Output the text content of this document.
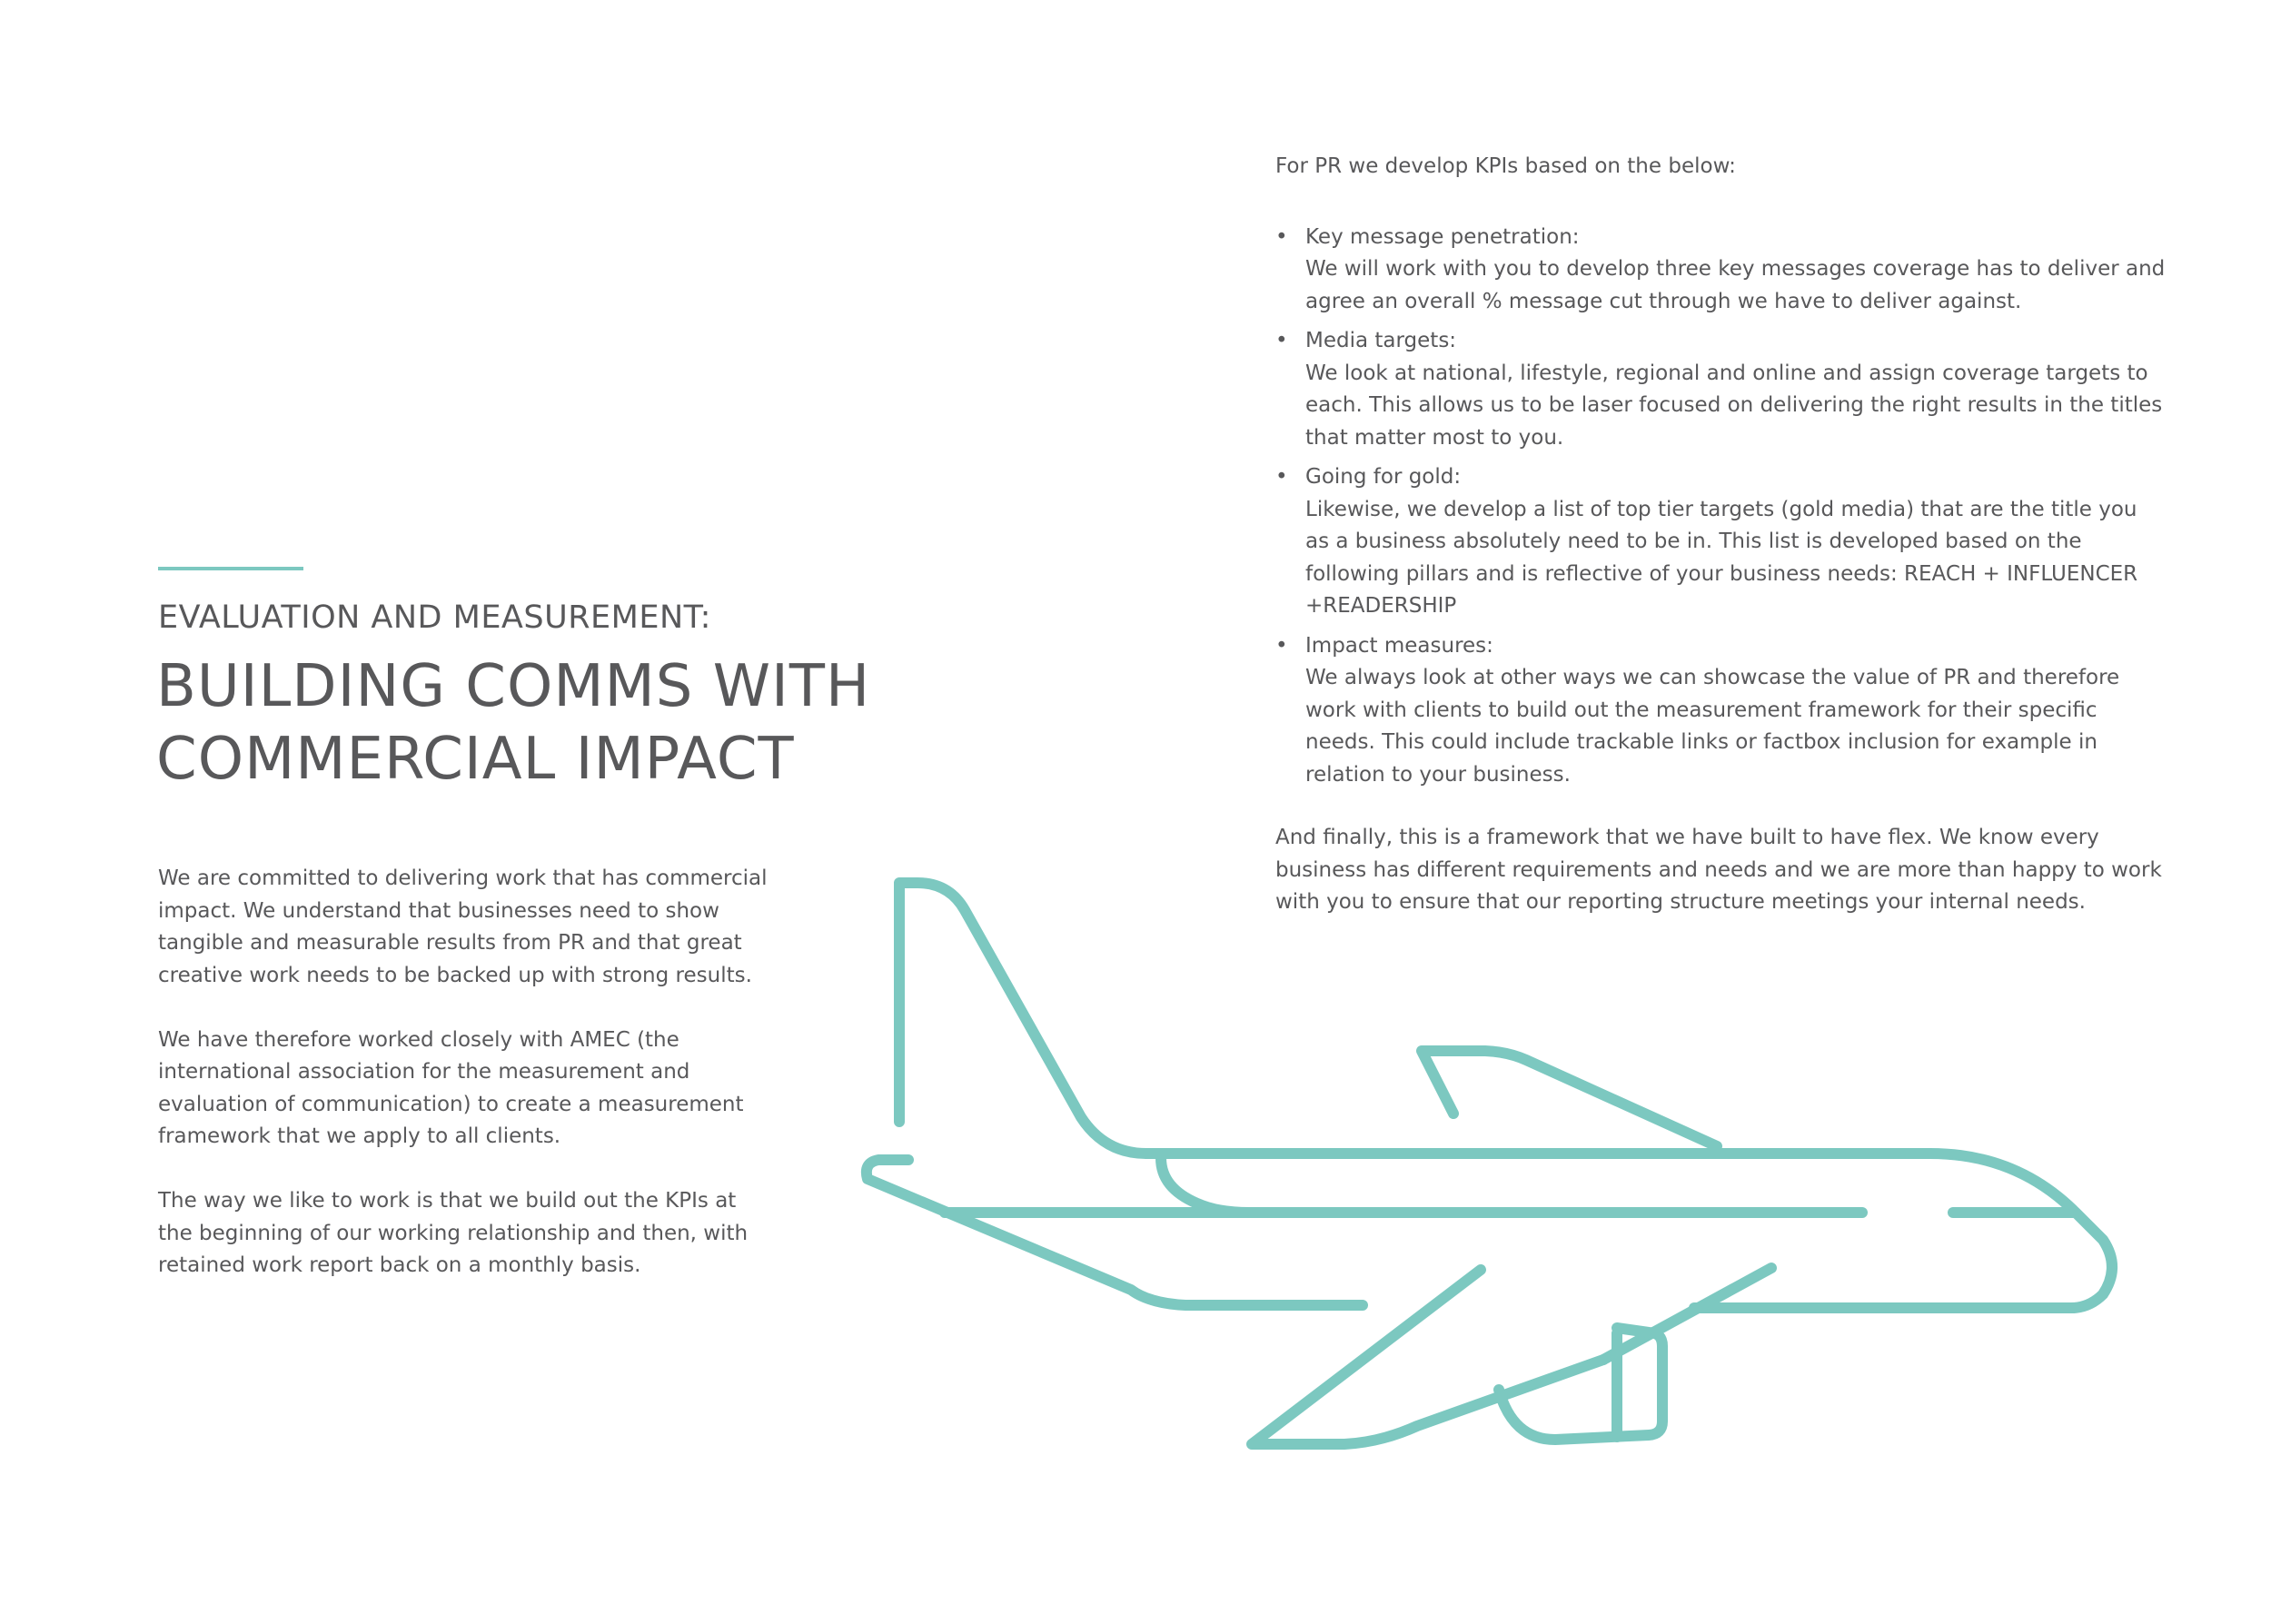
EVALUATION AND MEASUREMENT:
BUILDING COMMS WITH
COMMERCIAL IMPACT

We are committed to delivering work that has commercial impact. We understand that businesses need to show tangible and measurable results from PR and that great creative work needs to be backed up with strong results.

We have therefore worked closely with AMEC (the international association for the measurement and evaluation of communication) to create a measurement framework that we apply to all clients.

The way we like to work is that we build out the KPIs at the beginning of our working relationship and then, with retained work report back on a monthly basis.

For PR we develop KPIs based on the below:

• Key message penetration:
We will work with you to develop three key messages coverage has to deliver and agree an overall % message cut through we have to deliver against.
• Media targets:
We look at national, lifestyle, regional and online and assign coverage targets to each. This allows us to be laser focused on delivering the right results in the titles that matter most to you.
• Going for gold:
Likewise, we develop a list of top tier targets (gold media) that are the title you as a business absolutely need to be in. This list is developed based on the following pillars and is reflective of your business needs: REACH + INFLUENCER +READERSHIP
• Impact measures:
We always look at other ways we can showcase the value of PR and therefore work with clients to build out the measurement framework for their specific needs. This could include trackable links or factbox inclusion for example in relation to your business.

And finally, this is a framework that we have built to have flex. We know every business has different requirements and needs and we are more than happy to work with you to ensure that our reporting structure meetings your internal needs.
